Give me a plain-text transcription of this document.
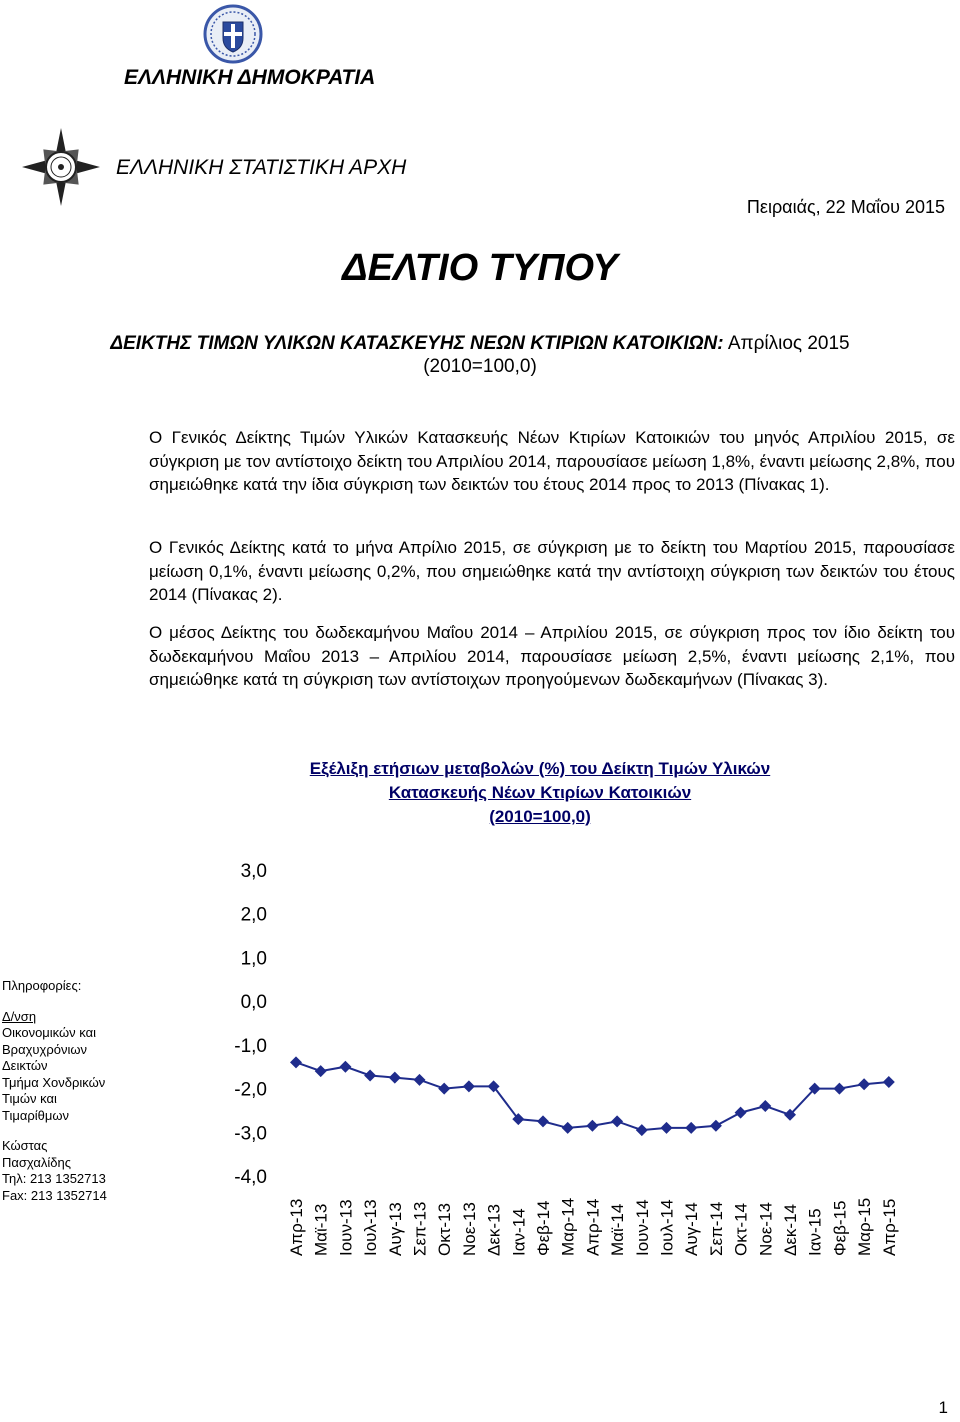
ΕΛΛΗΝΙΚΗ ΔΗΜΟΚΡΑΤΙΑ
ΕΛΛΗΝΙΚΗ ΣΤΑΤΙΣΤΙΚΗ ΑΡΧΗ
Πειραιάς, 22 Μαΐου 2015
ΔΕΛΤΙΟ ΤΥΠΟΥ
ΔΕΙΚΤΗΣ ΤΙΜΩΝ ΥΛΙΚΩΝ ΚΑΤΑΣΚΕΥΗΣ ΝΕΩΝ ΚΤΙΡΙΩΝ ΚΑΤΟΙΚΙΩΝ: Απρίλιος 2015
(2010=100,0)
Ο Γενικός Δείκτης Τιμών Υλικών Κατασκευής Νέων Κτιρίων Κατοικιών του μηνός Απριλίου 2015, σε σύγκριση με τον αντίστοιχο δείκτη του Απριλίου 2014, παρουσίασε μείωση 1,8%, έναντι μείωσης 2,8%, που σημειώθηκε κατά την ίδια σύγκριση των δεικτών του έτους 2014 προς το 2013 (Πίνακας 1).
Ο Γενικός Δείκτης κατά το μήνα Απρίλιο 2015, σε σύγκριση με το δείκτη του Μαρτίου 2015, παρουσίασε μείωση 0,1%, έναντι μείωσης 0,2%, που σημειώθηκε κατά την αντίστοιχη σύγκριση των δεικτών του έτους 2014 (Πίνακας 2).
Ο μέσος Δείκτης του δωδεκαμήνου Μαΐου 2014 – Απριλίου 2015, σε σύγκριση προς τον ίδιο δείκτη του δωδεκαμήνου Μαΐου 2013 – Απριλίου 2014, παρουσίασε μείωση 2,5%, έναντι μείωσης 2,1%, που σημειώθηκε κατά τη σύγκριση των αντίστοιχων προηγούμενων δωδεκαμήνων (Πίνακας 3).
Εξέλιξη ετήσιων μεταβολών (%) του Δείκτη Τιμών Υλικών
Κατασκευής Νέων Κτιρίων Κατοικιών
(2010=100,0)
Πληροφορίες:
Δ/νση
Οικονομικών και
Βραχυχρόνιων
Δεικτών
Τμήμα Χονδρικών
Τιμών και
Τιμαρίθμων
Κώστας
Πασχαλίδης
Τηλ: 213 1352713
Fax: 213 1352714
3,0
2,0
1,0
0,0
-1,0
-2,0
-3,0
-4,0
Απρ-13 Μαϊ-13 Ιουν-13 Ιουλ-13 Αυγ-13 Σεπ-13 Οκτ-13 Νοε-13 Δεκ-13 Ιαν-14 Φεβ-14 Μαρ-14 Απρ-14 Μαϊ-14 Ιουν-14 Ιουλ-14 Αυγ-14 Σεπ-14 Οκτ-14 Νοε-14 Δεκ-14 Ιαν-15 Φεβ-15 Μαρ-15 Απρ-15
1
